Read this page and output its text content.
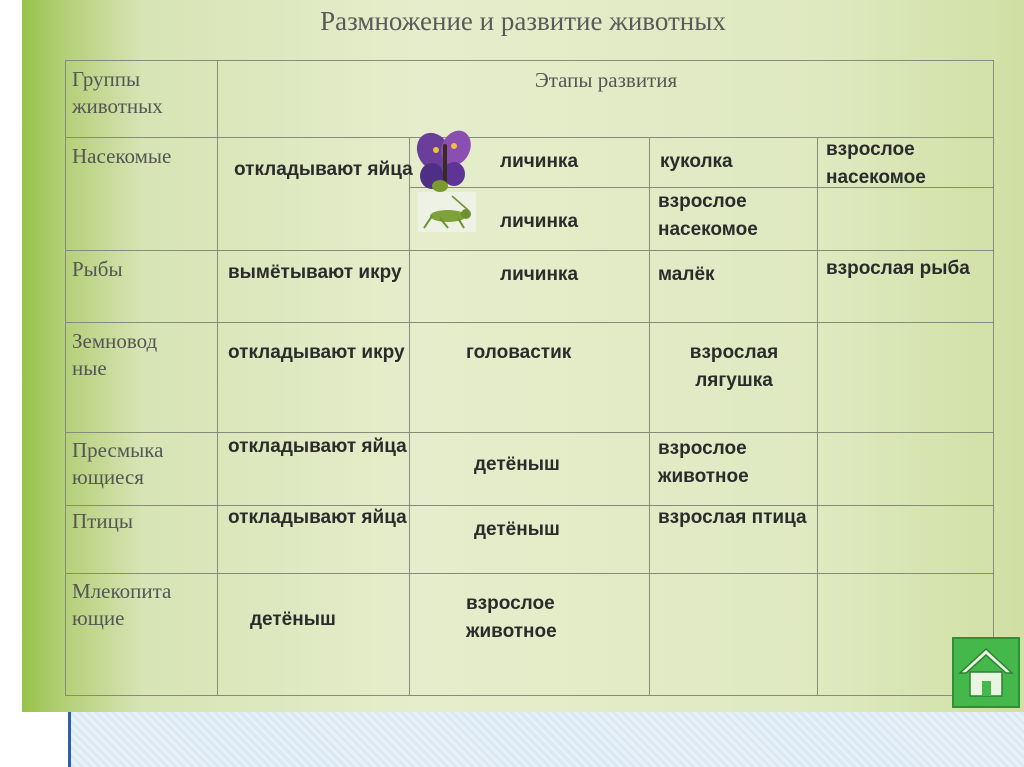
Размножение и развитие животных
Группы животных	Этапы развития			

Насекомые	откладывают яйца	личинка	куколка	взрослое насекомое

		личинка	взрослое насекомое	

Рыбы	вымётывают икру	личинка	малёк	взрослая рыба

Земновод ные	откладывают икру	головастик	взрослая лягушка	

Пресмыка ющиеся	откладывают яйца	детёныш	взрослое животное	

Птицы	откладывают яйца	детёныш	взрослая птица	

Млекопита ющие	детёныш	взрослое животное		
